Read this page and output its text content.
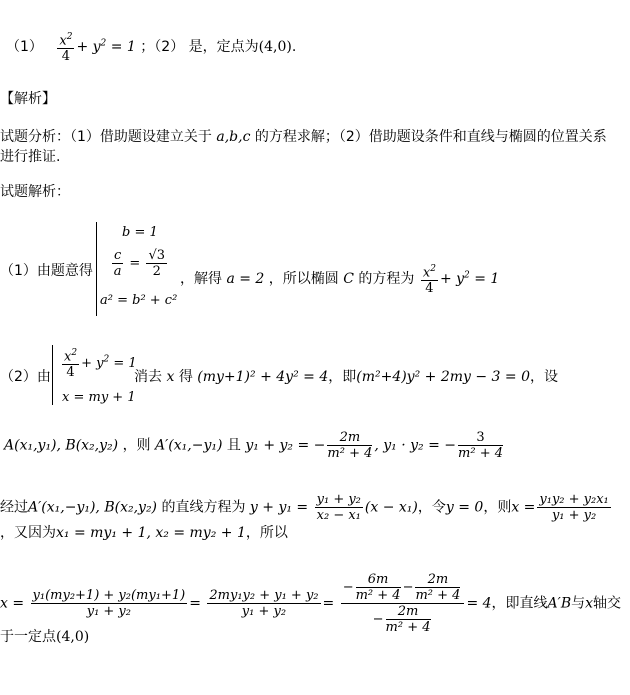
$(1) \frac{x^2}{4} + y^2 = 1$ ；（2） 是，定点为(4,0).
【解析】
试题分析：（1）借助题设建立关于 a,b,c 的方程求解；（2）借助题设条件和直线与椭圆的位置关系
进行推证.
试题解析：
（1）由题意得
b = 1
$\frac{c}{a} = \frac{√3}{2}$
a² = b² + c²
，解得 a = 2 ，所以椭圆 C 的方程为 $\frac{x^2}{4} + y^2 = 1$
（2）由 $\frac{x^2}{4} + y^2 = 1$
x = my + 1
消去 x 得 (my+1)² + 4y² = 4，即(m²+4)y² + 2my − 3 = 0，设
A(x₁,y₁), B(x₂,y₂) ，则 A′(x₁,−y₁) 且 y₁ + y₂ = − $\frac{2m}{\text{m² + 4}}$ , y₁ · y₂ = − $\frac{3}{\text{m² + 4}}$
经过A′(x₁,−y₁), B(x₂,y₂) 的直线方程为 $y + y_1 = \frac{\text{y₁ + y₂}}{\text{x₂ − x₁}} (x - x_1)$，令y = 0，则$x = \frac{\text{y₁y₂ + y₂x₁}}{\text{y₁ + y₂}}$
，又因为x₁ = my₁ + 1, x₂ = my₂ + 1，所以
$x = \frac{\text{y₁(my₂+1) + y₂(my₁+1)}}{\text{y₁ + y₂}} = \frac{\text{2my₁y₂ + y₁ + y₂}}{\text{y₁ + y₂}} = \frac{- \frac{6m}{\text{m² + 4}} - \frac{2m}{\text{m² + 4}}}{- \frac{2m}{\text{m² + 4}}} = 4$，即直线A′B与x轴交
于一定点(4,0)
